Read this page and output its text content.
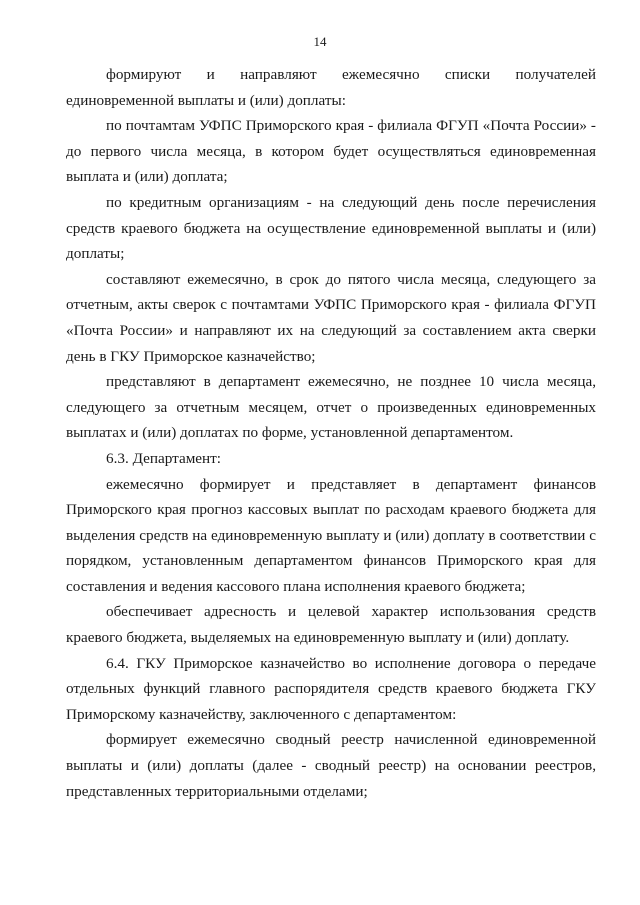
14

формируют и направляют ежемесячно списки получателей единовременной выплаты и (или) доплаты:

по почтамтам УФПС Приморского края - филиала ФГУП «Почта России» - до первого числа месяца, в котором будет осуществляться единовременная выплата и (или) доплата;

по кредитным организациям - на следующий день после перечисления средств краевого бюджета на осуществление единовременной выплаты и (или) доплаты;

составляют ежемесячно, в срок до пятого числа месяца, следующего за отчетным, акты сверок с почтамтами УФПС Приморского края - филиала ФГУП «Почта России» и направляют их на следующий за составлением акта сверки день в ГКУ Приморское казначейство;

представляют в департамент ежемесячно, не позднее 10 числа месяца, следующего за отчетным месяцем, отчет о произведенных единовременных выплатах и (или) доплатах по форме, установленной департаментом.

6.3. Департамент:

ежемесячно формирует и представляет в департамент финансов Приморского края прогноз кассовых выплат по расходам краевого бюджета для выделения средств на единовременную выплату и (или) доплату в соответствии с порядком, установленным департаментом финансов Приморского края для составления и ведения кассового плана исполнения краевого бюджета;

обеспечивает адресность и целевой характер использования средств краевого бюджета, выделяемых на единовременную выплату и (или) доплату.

6.4. ГКУ Приморское казначейство во исполнение договора о передаче отдельных функций главного распорядителя средств краевого бюджета ГКУ Приморскому казначейству, заключенного с департаментом:

формирует ежемесячно сводный реестр начисленной единовременной выплаты и (или) доплаты (далее - сводный реестр) на основании реестров, представленных территориальными отделами;
